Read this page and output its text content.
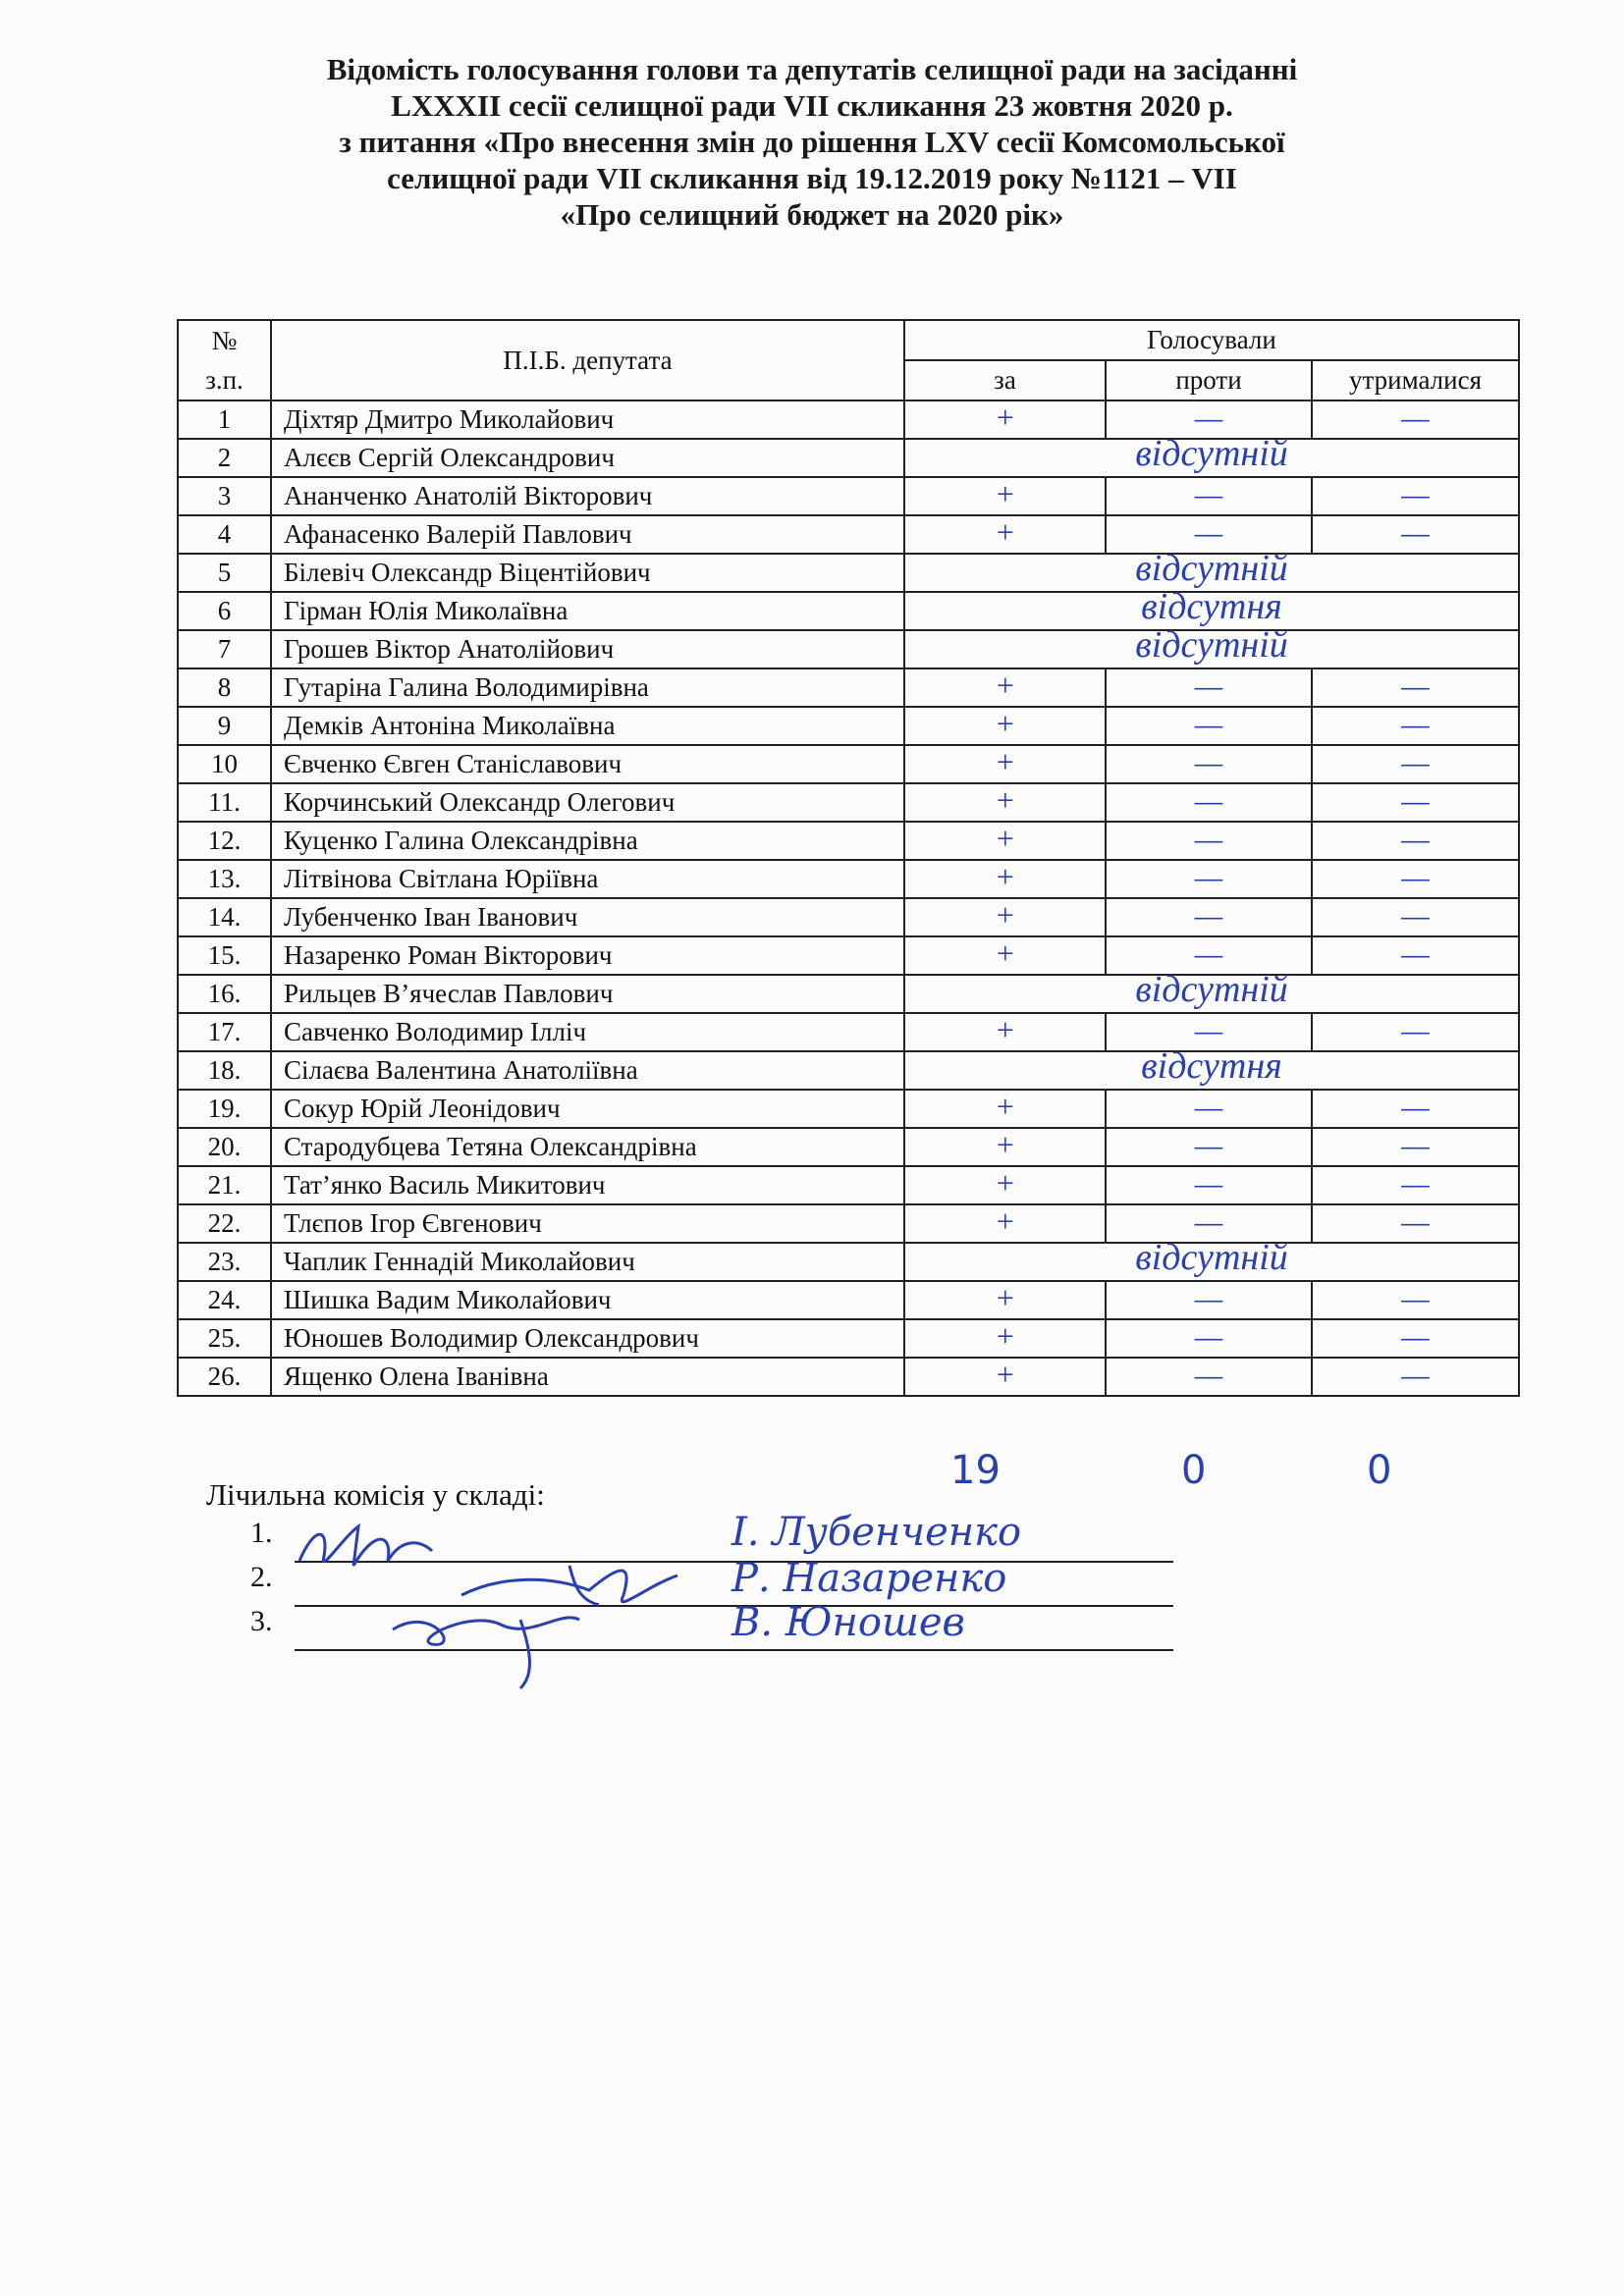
Відомість голосування голови та депутатів селищної ради на засіданні
LXXXII сесії селищної ради VII скликання 23 жовтня 2020 р.
з питання «Про внесення змін до рішення LXV сесії Комсомольської
селищної ради VII скликання від 19.12.2019 року №1121 – VII
«Про селищний бюджет на 2020 рік»
№ з.п.	П.І.Б. депутата	Голосували		
		за	проти	утрималися
1	Діхтяр Дмитро Миколайович	+	—	—

2	Алєєв Сергій Олександрович	відсутній		

3	Ананченко Анатолій Вікторович	+	—	—

4	Афанасенко Валерій Павлович	+	—	—

5	Білевіч Олександр Віцентійович	відсутній		

6	Гірман Юлія Миколаївна	відсутня		

7	Грошев Віктор Анатолійович	відсутній		

8	Гутаріна Галина Володимирівна	+	—	—

9	Демків Антоніна Миколаївна	+	—	—

10	Євченко Євген Станіславович	+	—	—

11.	Корчинський Олександр Олегович	+	—	—

12.	Куценко Галина Олександрівна	+	—	—

13.	Літвінова Світлана Юріївна	+	—	—

14.	Лубенченко Іван Іванович	+	—	—

15.	Назаренко Роман Вікторович	+	—	—

16.	Рильцев В’ячеслав Павлович	відсутній		

17.	Савченко Володимир Ілліч	+	—	—

18.	Сілаєва Валентина Анатоліївна	відсутня		

19.	Сокур Юрій Леонідович	+	—	—

20.	Стародубцева Тетяна Олександрівна	+	—	—

21.	Тат’янко Василь Микитович	+	—	—

22.	Тлєпов Ігор Євгенович	+	—	—

23.	Чаплик Геннадій Миколайович	відсутній		

24.	Шишка Вадим Миколайович	+	—	—

25.	Юношев Володимир Олександрович	+	—	—

26.	Ященко Олена Іванівна	+	—	—
19	0	0
Лічильна комісія у складі:
1.	І. Лубенченко
2.	Р. Назаренко
3.	В. Юношев
